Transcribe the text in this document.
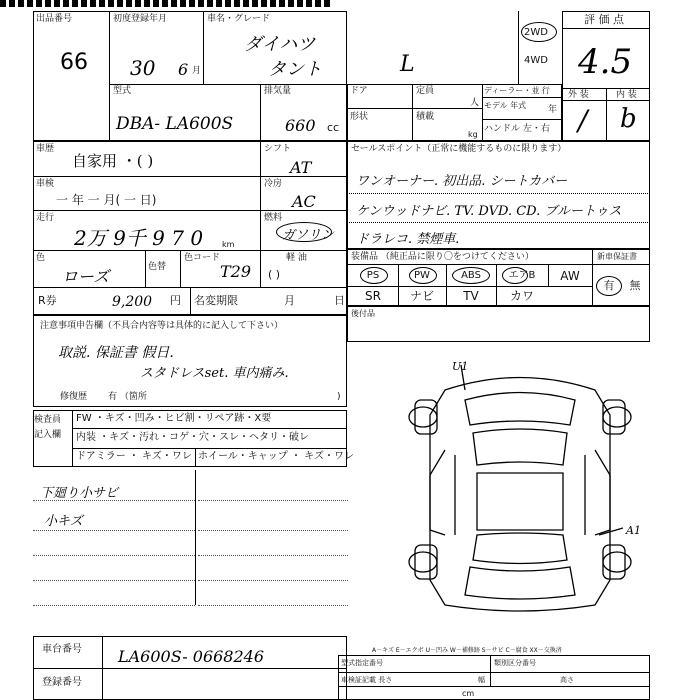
出品番号
66
初度登録年月
30 6 月
車名・グレード
ダイハツ
タント	L
2WD
4WD
評 価 点
4.5
外 装	内 装
/ b
型式
DBA- LA600S
排気量
660 cc
ドア	定員
人
形状	積載
kg
ディーラー・並 行
モデル 年式 年
ハンドル 左・右
車歴
自家用 ・( )
シフト
AT
車検
一 年 一 月( 一 日)
冷房
AC
走行
2万 9千 9 7 0 km
燃料
ガソリン
色
ローズ	色替
色コード
T29
軽 油
( )
R券	9,200 円 名変期限	月	日
セールスポイント（正常に機能するものに限ります）
ワンオーナー. 初出品. シートカバー
ケンウッドナビ. TV. DVD. CD. ブルートゥス
ドラレコ. 禁煙車.
装備品 （純正品に限り〇をつけてください）	新車保証書
PS	PW	ABS	エアB	AW
SR	ナビ	TV	カワ
有	無
後付品
注意事項申告欄（不具合内容等は具体的に記入して下さい）
取説. 保証書 假日.
スタドレスset. 車内痛み.
修復歴 有 （箇所	)
検査員
記入欄
FW ・キズ・凹み・ヒビ割・リペア跡・X要
内装 ・キズ・汚れ・コゲ・穴・スレ・ヘタリ・破レ
ドアミラー ・ キズ・ワレ ホイール・キャップ ・ キズ・ワレ
下廻り小サビ
小キズ
U1
A1
車台番号 LA600S- 0668246
登録番号
A－キズ E－エクボ U－凹み W－補修跡 S－サビ C－腐食 XX－交換済
型式指定番号	類別区分番号
車検証記載 長さ	幅	高さ
cm
